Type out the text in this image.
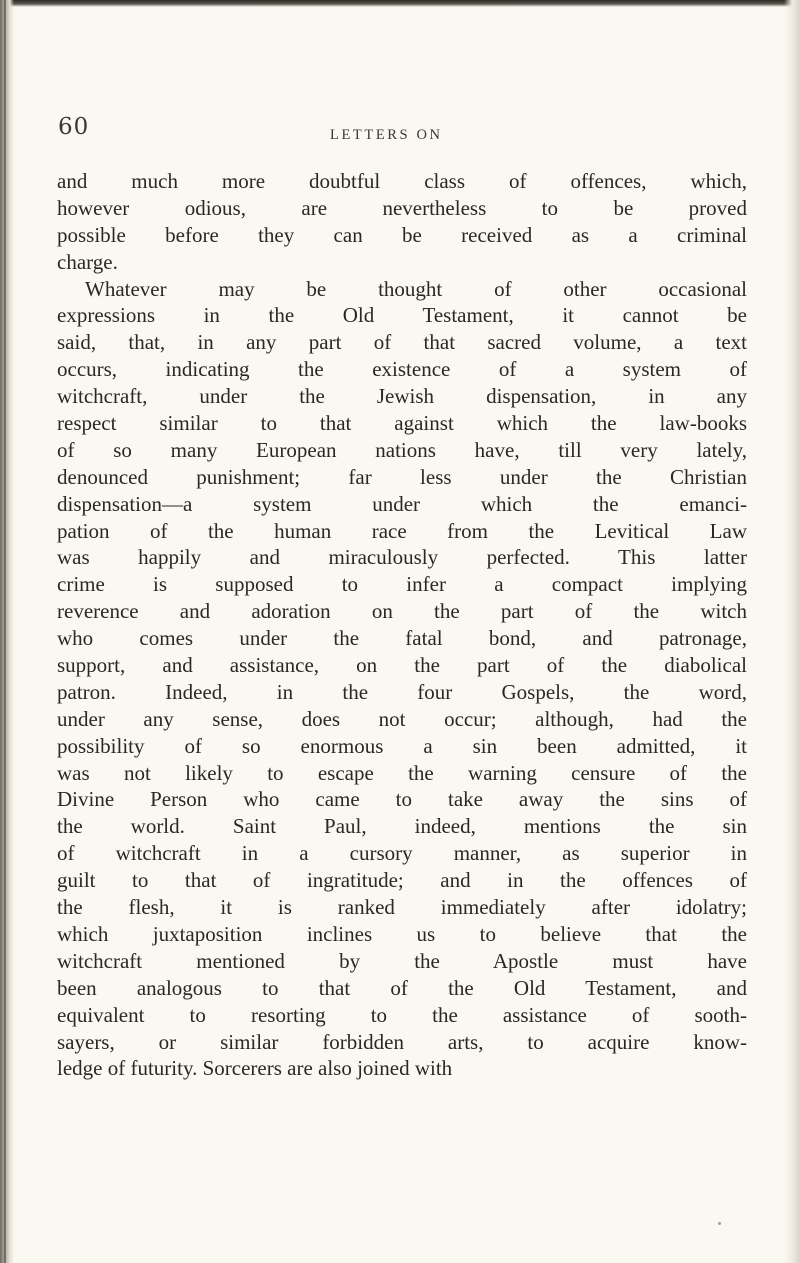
60	LETTERS ON
and much more doubtful class of offences, which,
however odious, are nevertheless to be proved
possible before they can be received as a criminal
charge.
Whatever may be thought of other occasional
expressions in the Old Testament, it cannot be
said, that, in any part of that sacred volume, a text
occurs, indicating the existence of a system of
witchcraft, under the Jewish dispensation, in any
respect similar to that against which the law-books
of so many European nations have, till very lately,
denounced punishment; far less under the Christian
dispensation—a system under which the emanci-
pation of the human race from the Levitical Law
was happily and miraculously perfected. This latter
crime is supposed to infer a compact implying
reverence and adoration on the part of the witch
who comes under the fatal bond, and patronage,
support, and assistance, on the part of the diabolical
patron. Indeed, in the four Gospels, the word,
under any sense, does not occur; although, had the
possibility of so enormous a sin been admitted, it
was not likely to escape the warning censure of the
Divine Person who came to take away the sins of
the world. Saint Paul, indeed, mentions the sin
of witchcraft in a cursory manner, as superior in
guilt to that of ingratitude; and in the offences of
the flesh, it is ranked immediately after idolatry;
which juxtaposition inclines us to believe that the
witchcraft mentioned by the Apostle must have
been analogous to that of the Old Testament, and
equivalent to resorting to the assistance of sooth-
sayers, or similar forbidden arts, to acquire know-
ledge of futurity. Sorcerers are also joined with
